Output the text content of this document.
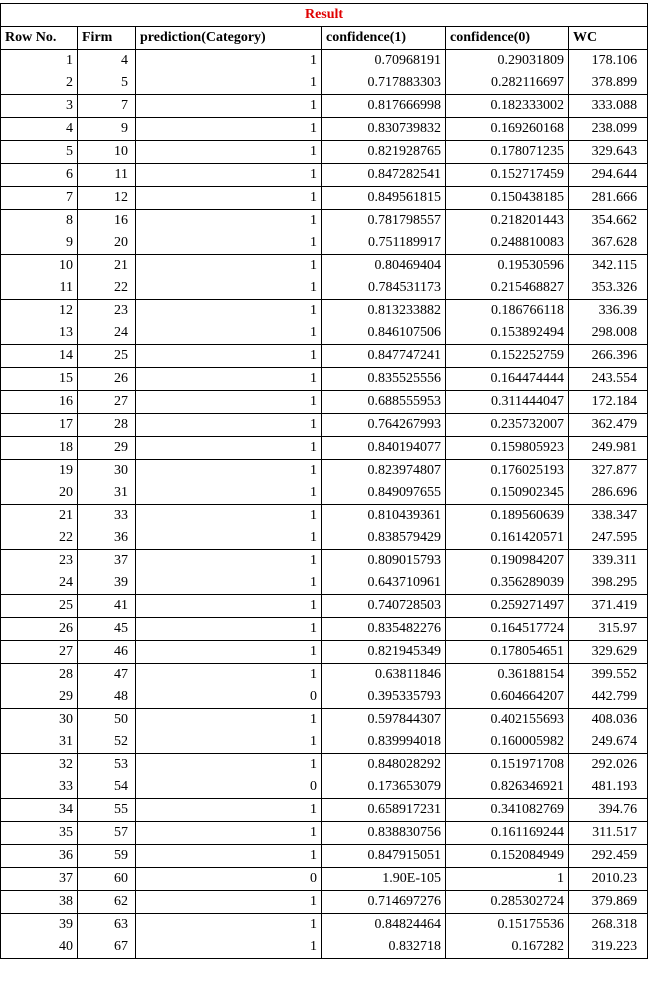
Result					
Row No.	Firm	prediction(Category)	confidence(1)	confidence(0)	WC
1	4	1	0.70968191	0.29031809	178.106
2	5	1	0.717883303	0.282116697	378.899
3	7	1	0.817666998	0.182333002	333.088
4	9	1	0.830739832	0.169260168	238.099
5	10	1	0.821928765	0.178071235	329.643
6	11	1	0.847282541	0.152717459	294.644
7	12	1	0.849561815	0.150438185	281.666
8	16	1	0.781798557	0.218201443	354.662
9	20	1	0.751189917	0.248810083	367.628
10	21	1	0.80469404	0.19530596	342.115
11	22	1	0.784531173	0.215468827	353.326
12	23	1	0.813233882	0.186766118	336.39
13	24	1	0.846107506	0.153892494	298.008
14	25	1	0.847747241	0.152252759	266.396
15	26	1	0.835525556	0.164474444	243.554
16	27	1	0.688555953	0.311444047	172.184
17	28	1	0.764267993	0.235732007	362.479
18	29	1	0.840194077	0.159805923	249.981
19	30	1	0.823974807	0.176025193	327.877
20	31	1	0.849097655	0.150902345	286.696
21	33	1	0.810439361	0.189560639	338.347
22	36	1	0.838579429	0.161420571	247.595
23	37	1	0.809015793	0.190984207	339.311
24	39	1	0.643710961	0.356289039	398.295
25	41	1	0.740728503	0.259271497	371.419
26	45	1	0.835482276	0.164517724	315.97
27	46	1	0.821945349	0.178054651	329.629
28	47	1	0.63811846	0.36188154	399.552
29	48	0	0.395335793	0.604664207	442.799
30	50	1	0.597844307	0.402155693	408.036
31	52	1	0.839994018	0.160005982	249.674
32	53	1	0.848028292	0.151971708	292.026
33	54	0	0.173653079	0.826346921	481.193
34	55	1	0.658917231	0.341082769	394.76
35	57	1	0.838830756	0.161169244	311.517
36	59	1	0.847915051	0.152084949	292.459
37	60	0	1.90E-105	1	2010.23
38	62	1	0.714697276	0.285302724	379.869
39	63	1	0.84824464	0.15175536	268.318
40	67	1	0.832718	0.167282	319.223
